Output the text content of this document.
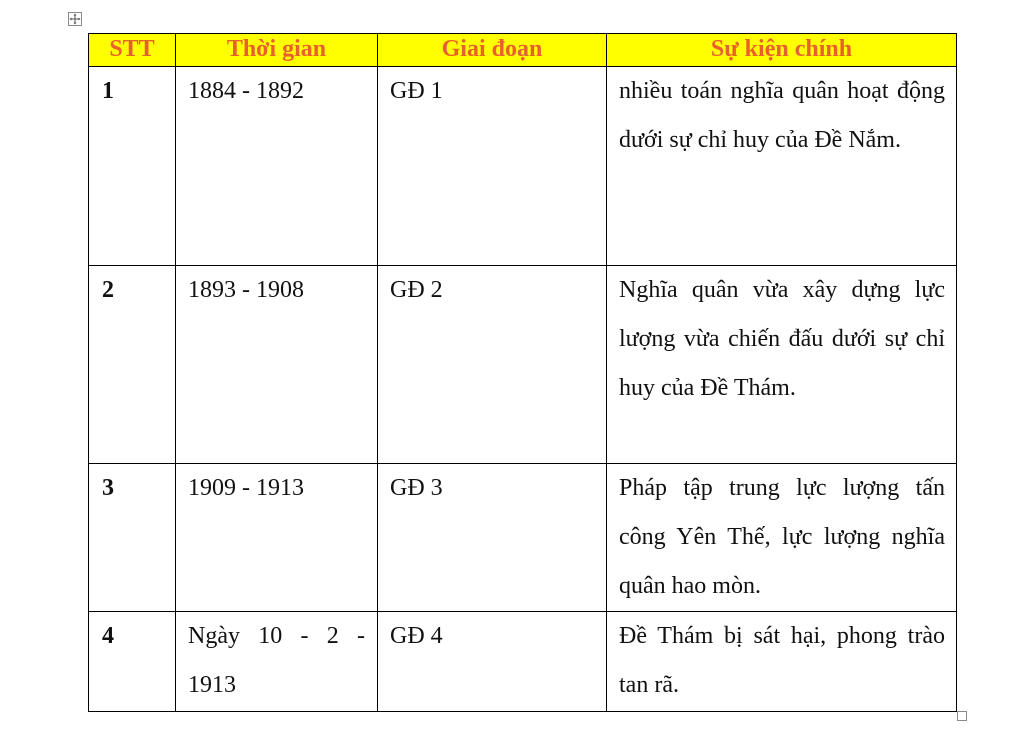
STT	Thời gian	Giai đoạn	Sự kiện chính
1	1884 - 1892	GĐ 1	nhiều toán nghĩa quân hoạt động dưới sự chỉ huy của Đề Nắm.
2	1893 - 1908	GĐ 2	Nghĩa quân vừa xây dựng lực lượng vừa chiến đấu dưới sự chỉ huy của Đề Thám.
3	1909 - 1913	GĐ 3	Pháp tập trung lực lượng tấn công Yên Thế, lực lượng nghĩa quân hao mòn.
4	Ngày 10 - 2 - 1913	GĐ 4	Đề Thám bị sát hại, phong trào tan rã.
